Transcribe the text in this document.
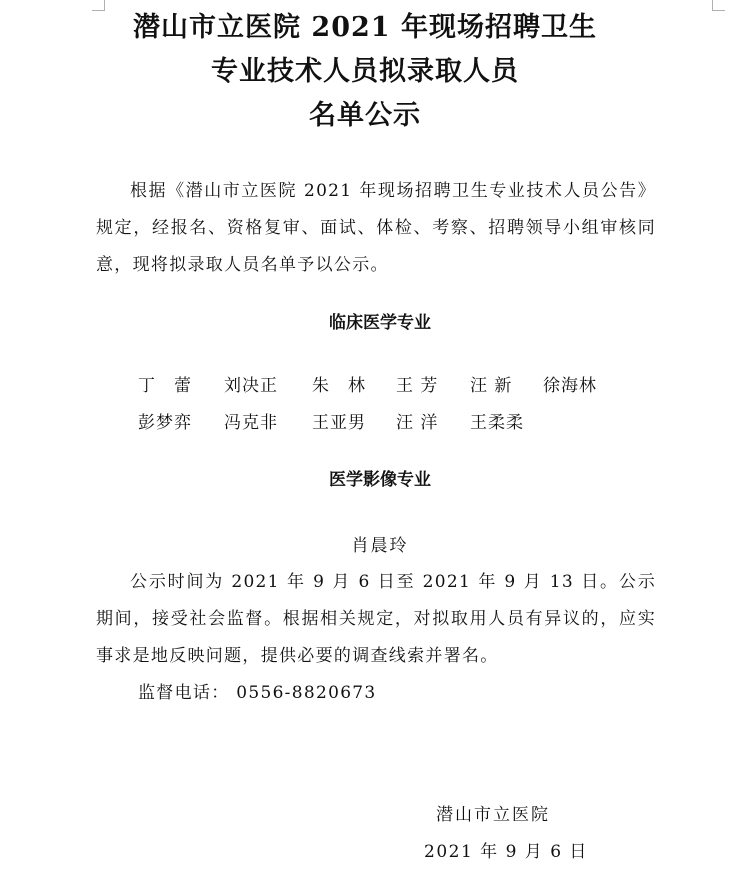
潜山市立医院 2021 年现场招聘卫生
专业技术人员拟录取人员
名单公示
根据《潜山市立医院 2021 年现场招聘卫生专业技术人员公告》规定，经报名、资格复审、面试、体检、考察、招聘领导小组审核同意，现将拟录取人员名单予以公示。
临床医学专业
丁　蕾 刘决正 朱　林 王 芳 汪 新 徐海林
彭梦弈 冯克非 王亚男 汪 洋 王柔柔
医学影像专业
肖晨玲
公示时间为 2021 年 9 月 6 日至 2021 年 9 月 13 日。公示期间，接受社会监督。根据相关规定，对拟取用人员有异议的，应实事求是地反映问题，提供必要的调查线索并署名。
监督电话： 0556-8820673
潜山市立医院
2021 年 9 月 6 日
